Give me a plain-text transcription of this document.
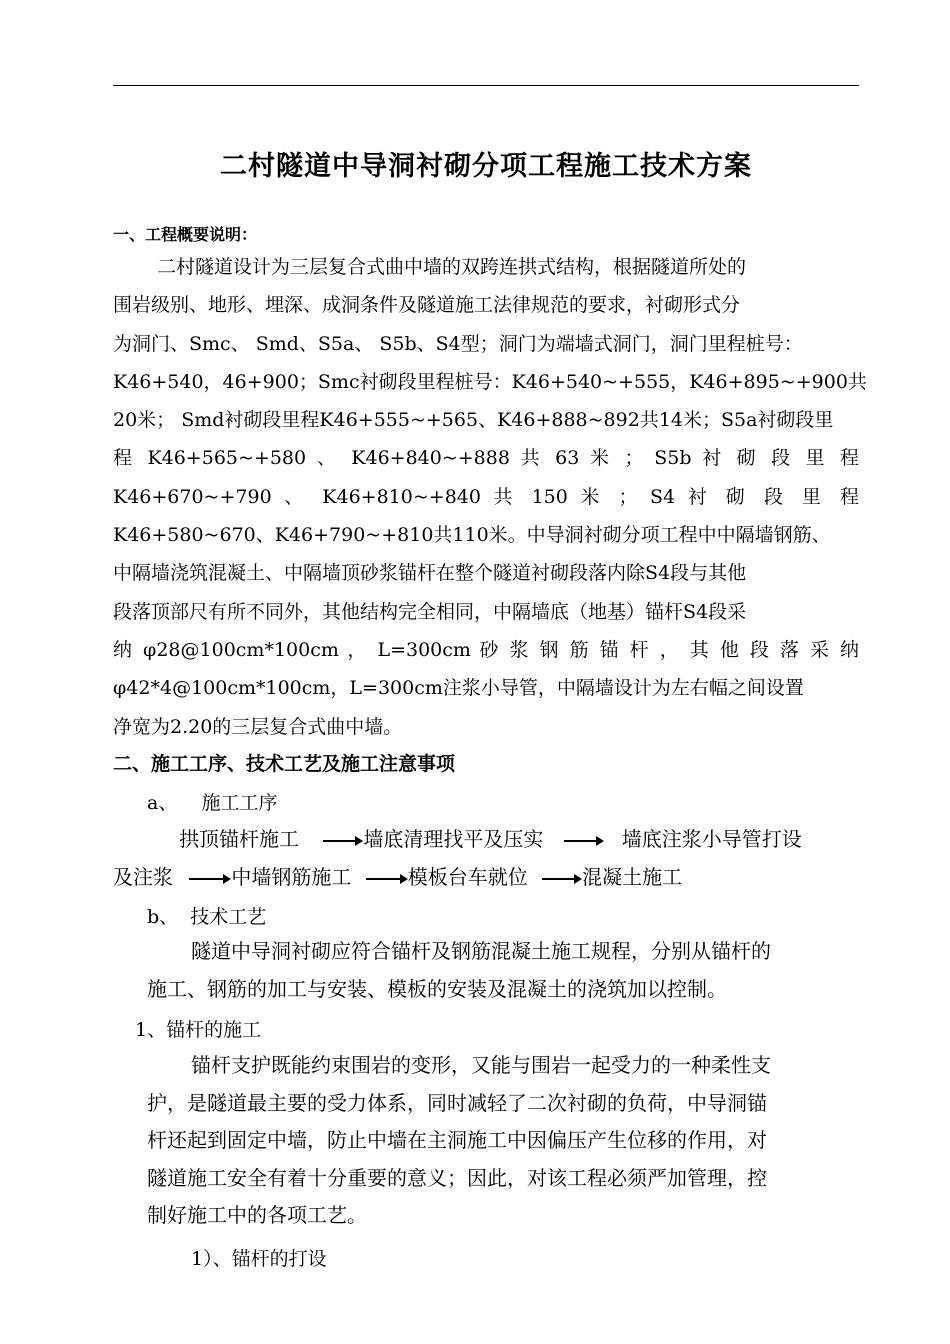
二村隧道中导洞衬砌分项工程施工技术方案
一、工程概要说明：
二村隧道设计为三层复合式曲中墙的双跨连拱式结构，根据隧道所处的
围岩级别、地形、埋深、成洞条件及隧道施工法律规范的要求，衬砌形式分
为洞门、Smc、 Smd、S5a、 S5b、S4型；洞门为端墙式洞门，洞门里程桩号：
K46+540，46+900；Smc衬砌段里程桩号：K46+540~+555，K46+895~+900共
20米； Smd衬砌段里程K46+555~+565、K46+888~892共14米；S5a衬砌段里
程 K46+565~+580 、 K46+840~+888 共 63 米 ； S5b 衬 砌 段 里 程
K46+670~+790 、 K46+810~+840 共 150 米 ； S4 衬 砌 段 里 程
K46+580~670、K46+790~+810共110米。中导洞衬砌分项工程中中隔墙钢筋、
中隔墙浇筑混凝土、中隔墙顶砂浆锚杆在整个隧道衬砌段落内除S4段与其他
段落顶部尺有所不同外，其他结构完全相同，中隔墙底（地基）锚杆S4段采
纳 φ28@100cm*100cm ， L=300cm 砂 浆 钢 筋 锚 杆 ， 其 他 段 落 采 纳
φ42*4@100cm*100cm，L=300cm注浆小导管，中隔墙设计为左右幅之间设置
净宽为2.20的三层复合式曲中墙。
二、施工工序、技术工艺及施工注意事项
a、    施工工序
拱顶锚杆施工	墙底清理找平及压实	墙底注浆小导管打设
及注浆	中墙钢筋施工	模板台车就位	混凝土施工
b、  技术工艺
隧道中导洞衬砌应符合锚杆及钢筋混凝土施工规程，分别从锚杆的
施工、钢筋的加工与安装、模板的安装及混凝土的浇筑加以控制。
1、锚杆的施工
锚杆支护既能约束围岩的变形，又能与围岩一起受力的一种柔性支
护，是隧道最主要的受力体系，同时减轻了二次衬砌的负荷，中导洞锚
杆还起到固定中墙，防止中墙在主洞施工中因偏压产生位移的作用，对
隧道施工安全有着十分重要的意义；因此，对该工程必须严加管理，控
制好施工中的各项工艺。
1）、锚杆的打设
